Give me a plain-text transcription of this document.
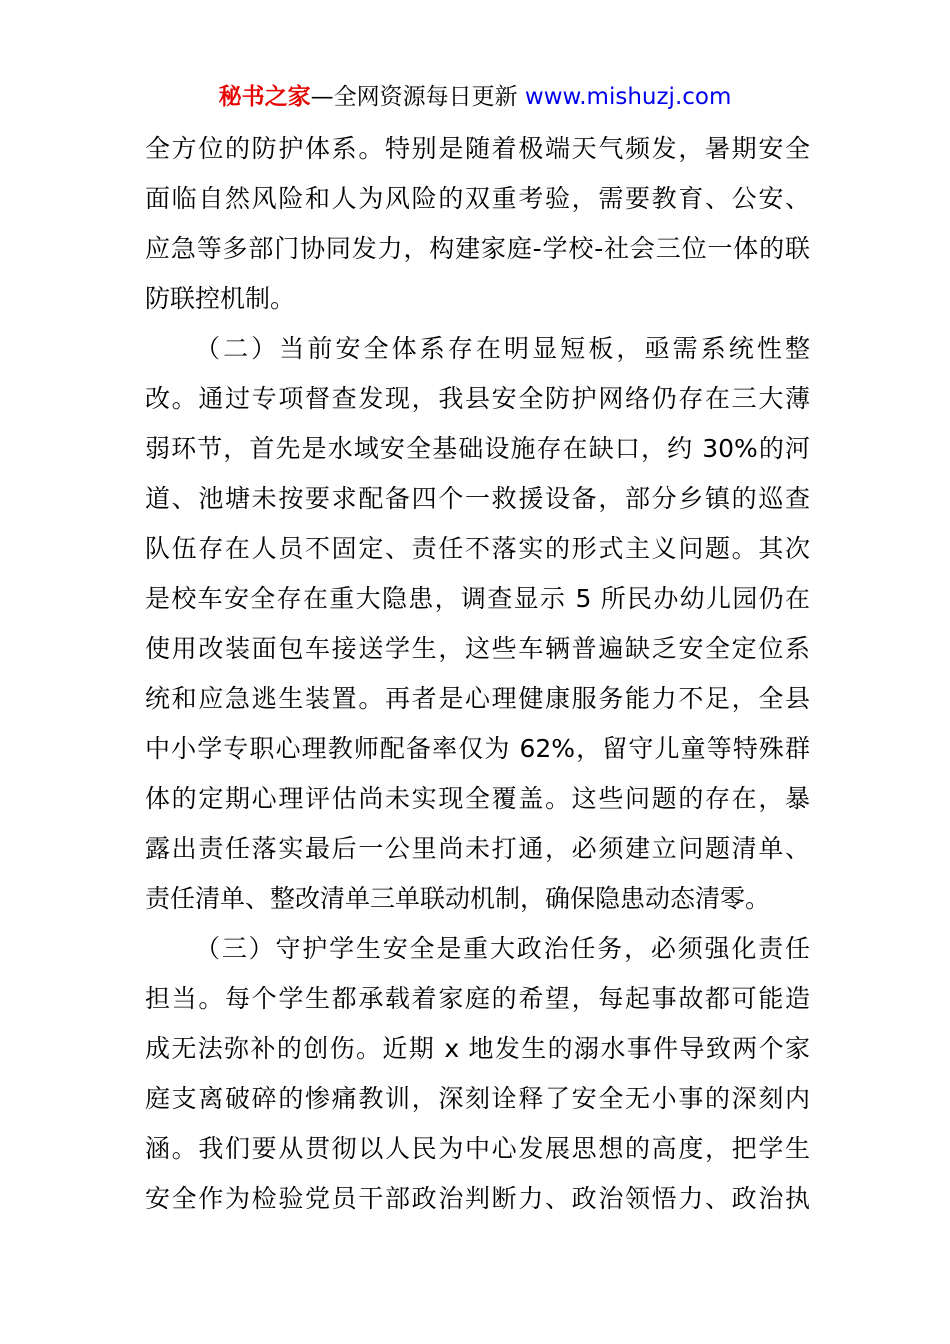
秘书之家—全网资源每日更新 www.mishuzj.com
全方位的防护体系。特别是随着极端天气频发，暑期安全
面临自然风险和人为风险的双重考验，需要教育、公安、
应急等多部门协同发力，构建家庭-学校-社会三位一体的联
防联控机制。
（二）当前安全体系存在明显短板，亟需系统性整
改。通过专项督查发现，我县安全防护网络仍存在三大薄
弱环节，首先是水域安全基础设施存在缺口，约 30%的河
道、池塘未按要求配备四个一救援设备，部分乡镇的巡查
队伍存在人员不固定、责任不落实的形式主义问题。其次
是校车安全存在重大隐患，调查显示 5 所民办幼儿园仍在
使用改装面包车接送学生，这些车辆普遍缺乏安全定位系
统和应急逃生装置。再者是心理健康服务能力不足，全县
中小学专职心理教师配备率仅为 62%，留守儿童等特殊群
体的定期心理评估尚未实现全覆盖。这些问题的存在，暴
露出责任落实最后一公里尚未打通，必须建立问题清单、
责任清单、整改清单三单联动机制，确保隐患动态清零。
（三）守护学生安全是重大政治任务，必须强化责任
担当。每个学生都承载着家庭的希望，每起事故都可能造
成无法弥补的创伤。近期 x 地发生的溺水事件导致两个家
庭支离破碎的惨痛教训，深刻诠释了安全无小事的深刻内
涵。我们要从贯彻以人民为中心发展思想的高度，把学生
安全作为检验党员干部政治判断力、政治领悟力、政治执
